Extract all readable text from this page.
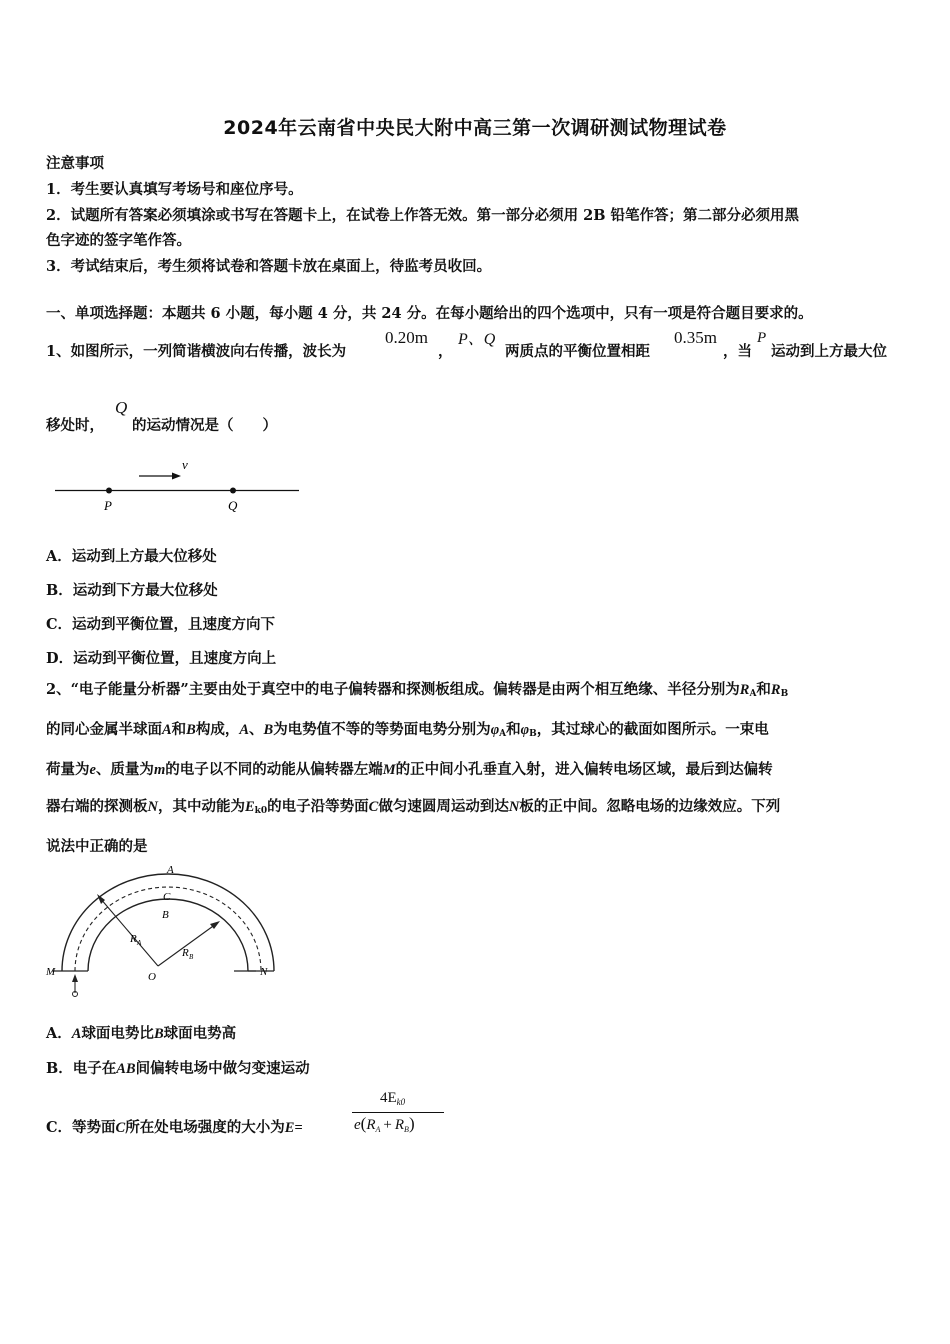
2024年云南省中央民大附中高三第一次调研测试物理试卷
注意事项
1．考生要认真填写考场号和座位序号。
2．试题所有答案必须填涂或书写在答题卡上，在试卷上作答无效。第一部分必须用 2B 铅笔作答；第二部分必须用黑
色字迹的签字笔作答。
3．考试结束后，考生须将试卷和答题卡放在桌面上，待监考员收回。
一、单项选择题：本题共 6 小题，每小题 4 分，共 24 分。在每小题给出的四个选项中，只有一项是符合题目要求的。
1、如图所示，一列简谐横波向右传播，波长为
0.20m
，
P、Q
两质点的平衡位置相距
0.35m
，当
P
运动到上方最大位
移处时，
Q
的运动情况是（　　）
v
P	Q
A．运动到上方最大位移处
B．运动到下方最大位移处
C．运动到平衡位置，且速度方向下
D．运动到平衡位置，且速度方向上
2、“电子能量分析器”主要由处于真空中的电子偏转器和探测板组成。偏转器是由两个相互绝缘、半径分别为$R_A$和$R_B$
的同心金属半球面A和B构成，A、B为电势值不等的等势面电势分别为$\varphi_A$和$\varphi_B$，其过球心的截面如图所示。一束电
荷量为e、质量为m的电子以不同的动能从偏转器左端M的正中间小孔垂直入射，进入偏转电场区域，最后到达偏转
器右端的探测板N，其中动能为$E_{k0}$的电子沿等势面C做匀速圆周运动到达N板的正中间。忽略电场的边缘效应。下列
说法中正确的是
A
C
B
R A
R B
O
M	N
A．A球面电势比B球面电势高
B．电子在AB间偏转电场中做匀变速运动
C．等势面C所在处电场强度的大小为E=
$4E_{k0}$
$e(R_A + R_B)$
